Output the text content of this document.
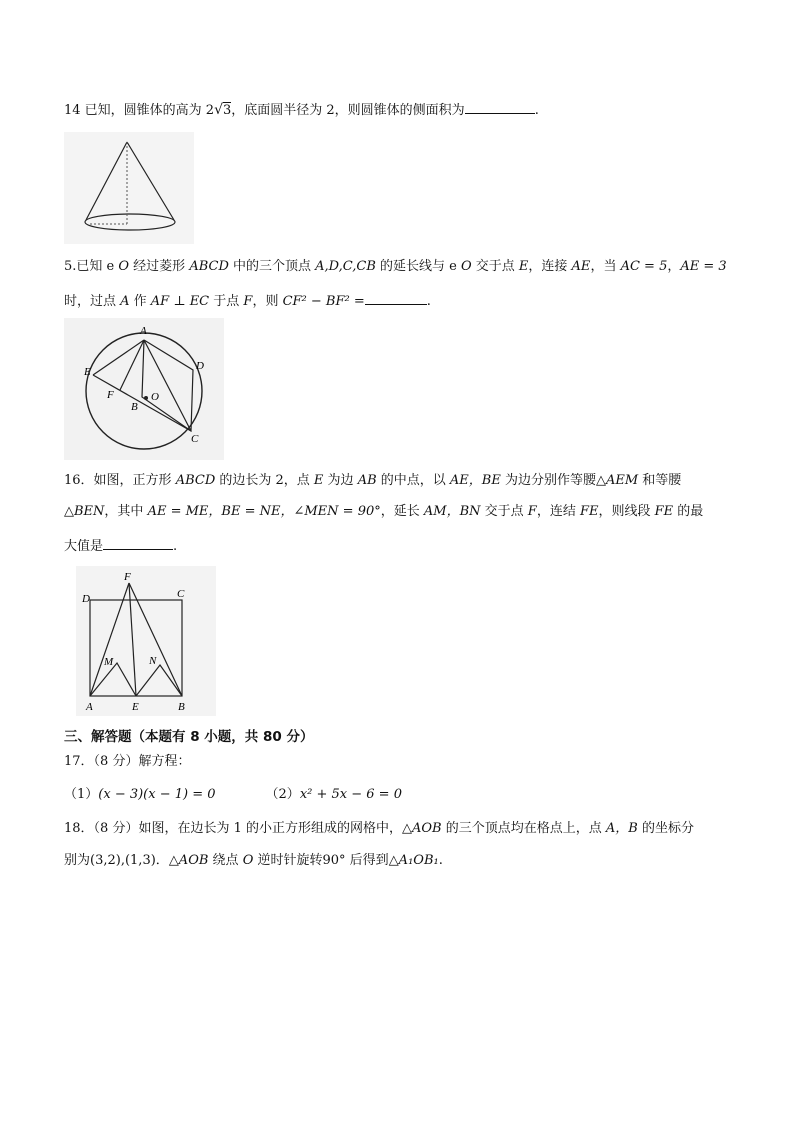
14 已知，圆锥体的高为 2√3，底面圆半径为 2，则圆锥体的侧面积为	.
5.已知 e O 经过菱形 ABCD 中的三个顶点 A,D,C,CB 的延长线与 e O 交于点 E，连接 AE，当 AC = 5，AE = 3
时，过点 A 作 AF ⊥ EC 于点 F，则 CF² − BF² =	.
A
D
E
F
B
O
C
16．如图，正方形 ABCD 的边长为 2，点 E 为边 AB 的中点，以 AE，BE 为边分别作等腰△AEM 和等腰
△BEN，其中 AE = ME，BE = NE，∠MEN = 90°，延长 AM，BN 交于点 F，连结 FE，则线段 FE 的最
大值是	.
F
D	C
M	N
A	E	B
三、解答题（本题有 8 小题，共 80 分）
17．（8 分）解方程：
（1）(x − 3)(x − 1) = 0	（2）x² + 5x − 6 = 0
18．（8 分）如图，在边长为 1 的小正方形组成的网格中，△AOB 的三个顶点均在格点上，点 A，B 的坐标分
别为(3,2),(1,3)．△AOB 绕点 O 逆时针旋转90° 后得到△A₁OB₁.
